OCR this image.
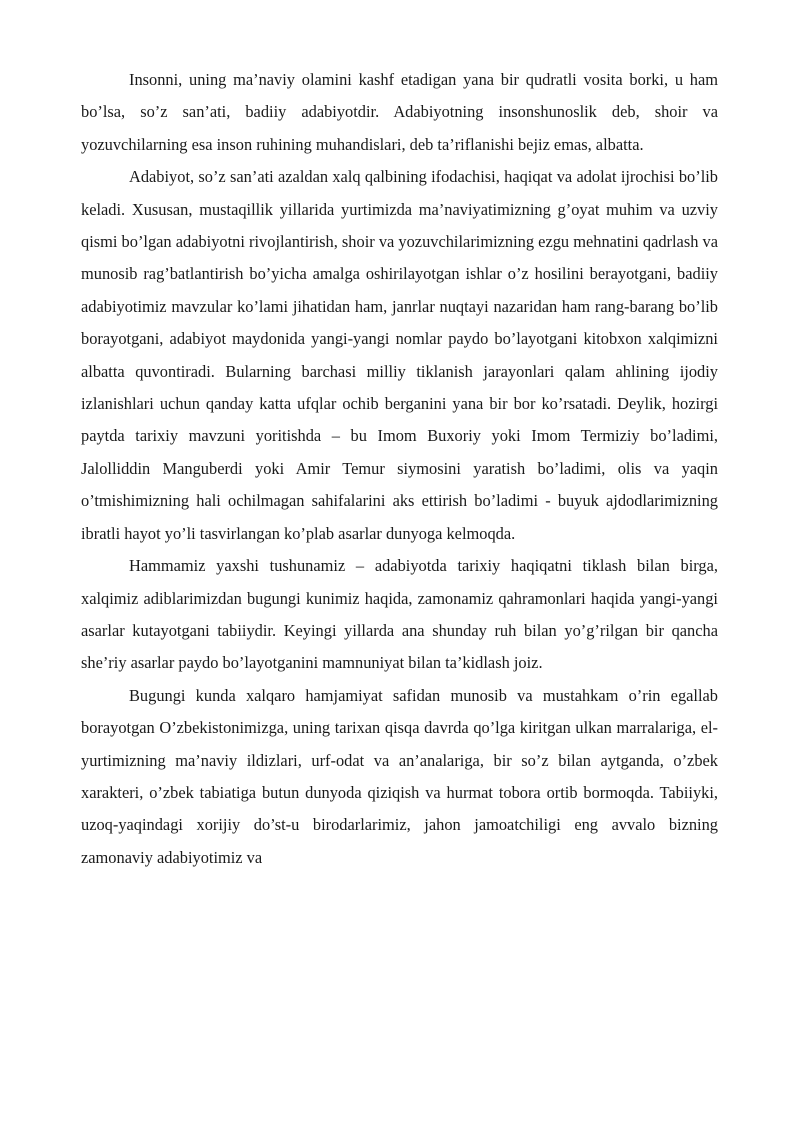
Insonni, uning ma’naviy olamini kashf etadigan yana bir qudratli vosita borki, u ham bo’lsa, so’z san’ati, badiiy adabiyotdir. Adabiyotning insonshunoslik deb, shoir va yozuvchilarning esa inson ruhining muhandislari, deb ta’riflanishi bejiz emas, albatta.

Adabiyot, so’z san’ati azaldan xalq qalbining ifodachisi, haqiqat va adolat ijrochisi bo’lib keladi. Xususan, mustaqillik yillarida yurtimizda ma’naviyatimizning g’oyat muhim va uzviy qismi bo’lgan adabiyotni rivojlantirish, shoir va yozuvchilarimizning ezgu mehnatini qadrlash va munosib rag’batlantirish bo’yicha amalga oshirilayotgan ishlar o’z hosilini berayotgani, badiiy adabiyotimiz mavzular ko’lami jihatidan ham, janrlar nuqtayi nazaridan ham rang-barang bo’lib borayotgani, adabiyot maydonida yangi-yangi nomlar paydo bo’layotgani kitobxon xalqimizni albatta quvontiradi. Bularning barchasi milliy tiklanish jarayonlari qalam ahlining ijodiy izlanishlari uchun qanday katta ufqlar ochib berganini yana bir bor ko’rsatadi. Deylik, hozirgi paytda tarixiy mavzuni yoritishda – bu Imom Buxoriy yoki Imom Termiziy bo’ladimi, Jalolliddin Manguberdi yoki Amir Temur siymosini yaratish bo’ladimi, olis va yaqin o’tmishimizning hali ochilmagan sahifalarini aks ettirish bo’ladimi - buyuk ajdodlarimizning ibratli hayot yo’li tasvirlangan ko’plab asarlar dunyoga kelmoqda.

Hammamiz yaxshi tushunamiz – adabiyotda tarixiy haqiqatni tiklash bilan birga, xalqimiz adiblarimizdan bugungi kunimiz haqida, zamonamiz qahramonlari haqida yangi-yangi asarlar kutayotgani tabiiydir. Keyingi yillarda ana shunday ruh bilan yo’g’rilgan bir qancha she’riy asarlar paydo bo’layotganini mamnuniyat bilan ta’kidlash joiz.

Bugungi kunda xalqaro hamjamiyat safidan munosib va mustahkam o’rin egallab borayotgan O’zbekistonimizga, uning tarixan qisqa davrda qo’lga kiritgan ulkan marralariga, el-yurtimizning ma’naviy ildizlari, urf-odat va an’analariga, bir so’z bilan aytganda, o’zbek xarakteri, o’zbek tabiatiga butun dunyoda qiziqish va hurmat tobora ortib bormoqda. Tabiiyki, uzoq-yaqindagi xorijiy do’st-u birodarlarimiz, jahon jamoatchiligi eng avvalo bizning zamonaviy adabiyotimiz va
